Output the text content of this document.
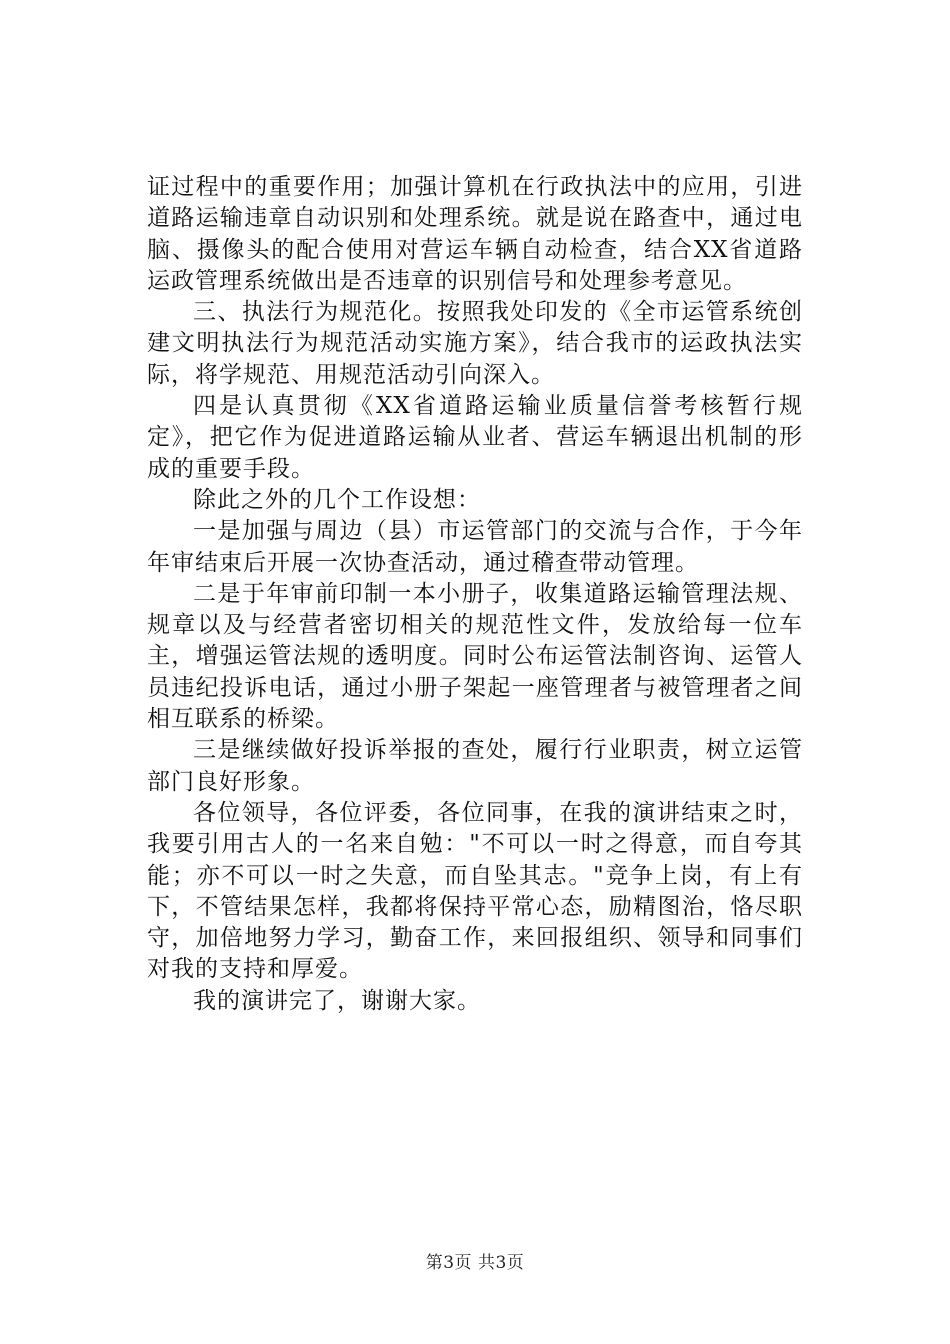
证过程中的重要作用；加强计算机在行政执法中的应用，引进道路运输违章自动识别和处理系统。就是说在路查中，通过电脑、摄像头的配合使用对营运车辆自动检查，结合XX省道路运政管理系统做出是否违章的识别信号和处理参考意见。

三、执法行为规范化。按照我处印发的《全市运管系统创建文明执法行为规范活动实施方案》，结合我市的运政执法实际，将学规范、用规范活动引向深入。

四是认真贯彻《XX省道路运输业质量信誉考核暂行规定》，把它作为促进道路运输从业者、营运车辆退出机制的形成的重要手段。

除此之外的几个工作设想：

一是加强与周边（县）市运管部门的交流与合作，于今年年审结束后开展一次协查活动，通过稽查带动管理。

二是于年审前印制一本小册子，收集道路运输管理法规、规章以及与经营者密切相关的规范性文件，发放给每一位车主，增强运管法规的透明度。同时公布运管法制咨询、运管人员违纪投诉电话，通过小册子架起一座管理者与被管理者之间相互联系的桥梁。

三是继续做好投诉举报的查处，履行行业职责，树立运管部门良好形象。

各位领导，各位评委，各位同事，在我的演讲结束之时，我要引用古人的一名来自勉："不可以一时之得意，而自夸其能；亦不可以一时之失意，而自坠其志。"竞争上岗，有上有下，不管结果怎样，我都将保持平常心态，励精图治，恪尽职守，加倍地努力学习，勤奋工作，来回报组织、领导和同事们对我的支持和厚爱。

我的演讲完了，谢谢大家。

第3页 共3页
